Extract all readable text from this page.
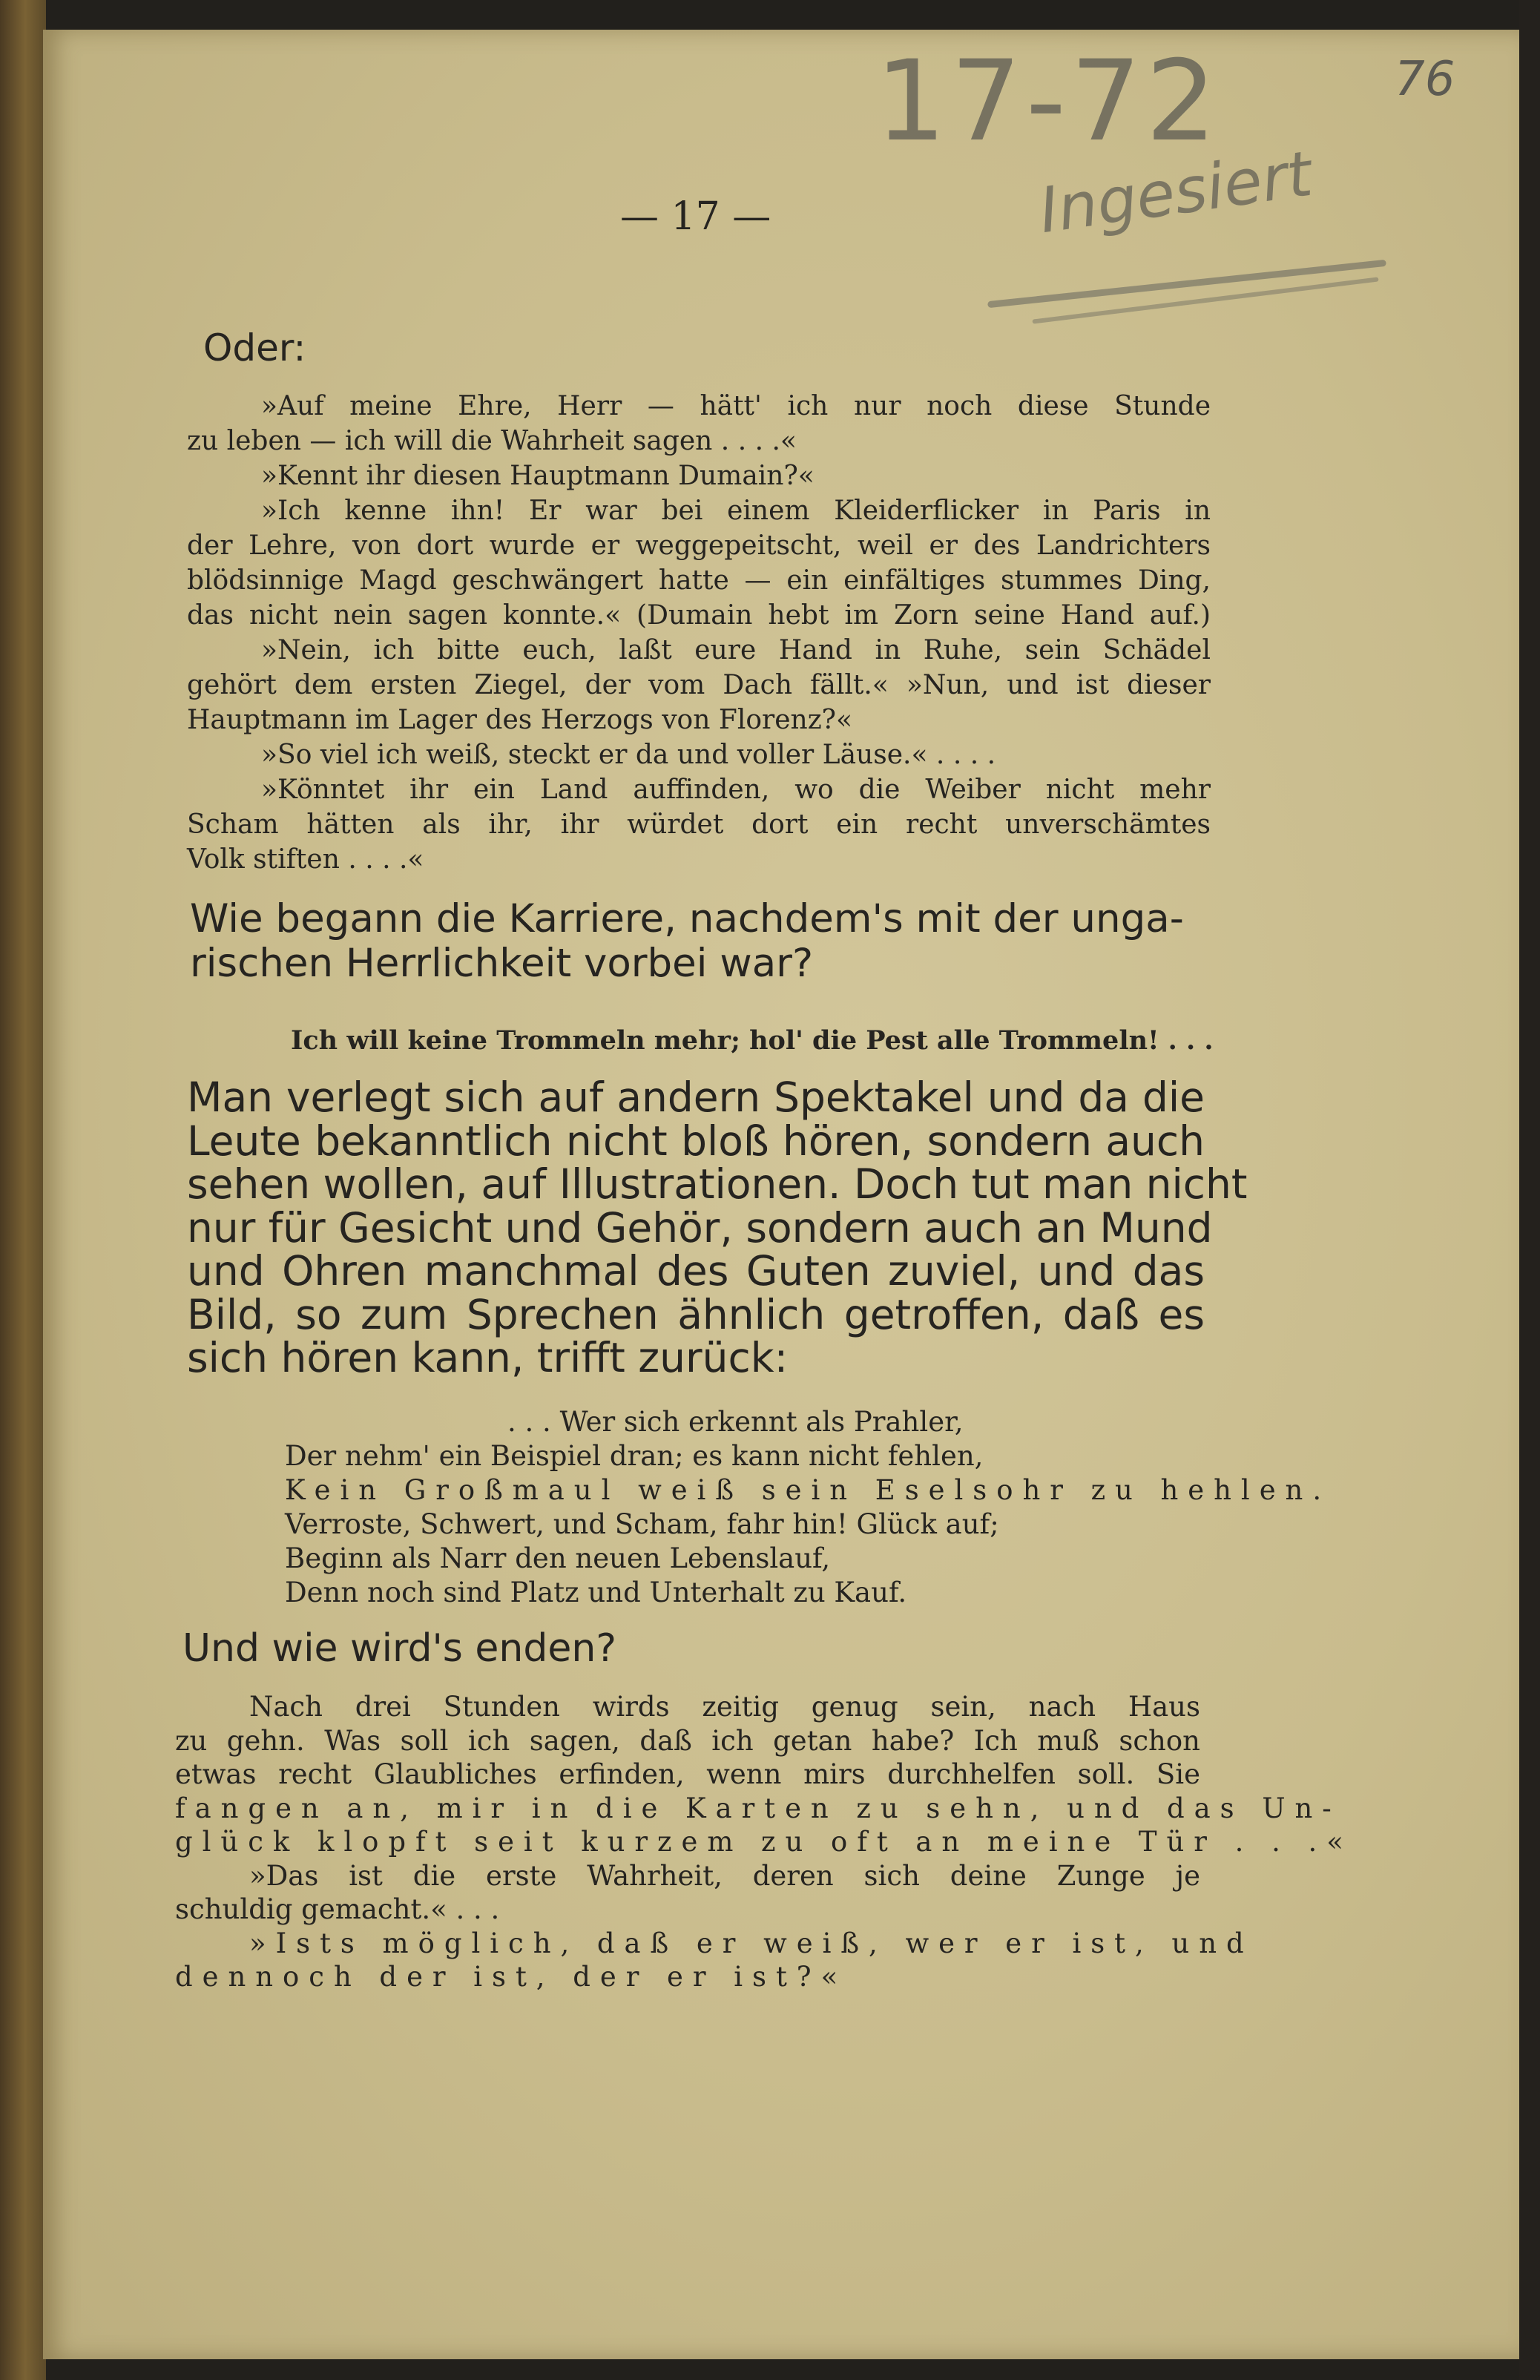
17-72
Ingesiert
76
— 17 —
Oder:
»Auf meine Ehre, Herr — hätt' ich nur noch diese Stunde
zu leben — ich will die Wahrheit sagen . . . .«
»Kennt ihr diesen Hauptmann Dumain?«
»Ich kenne ihn! Er war bei einem Kleiderflicker in Paris in
der Lehre, von dort wurde er weggepeitscht, weil er des Landrichters
blödsinnige Magd geschwängert hatte — ein einfältiges stummes Ding,
das nicht nein sagen konnte.« (Dumain hebt im Zorn seine Hand auf.)
»Nein, ich bitte euch, laßt eure Hand in Ruhe, sein Schädel
gehört dem ersten Ziegel, der vom Dach fällt.« »Nun, und ist dieser
Hauptmann im Lager des Herzogs von Florenz?«
»So viel ich weiß, steckt er da und voller Läuse.« . . . .
»Könntet ihr ein Land auffinden, wo die Weiber nicht mehr
Scham hätten als ihr, ihr würdet dort ein recht unverschämtes
Volk stiften . . . .«
Wie begann die Karriere, nachdem's mit der unga-
rischen Herrlichkeit vorbei war?
Ich will keine Trommeln mehr; hol' die Pest alle Trommeln! . . .
Man verlegt sich auf andern Spektakel und da die
Leute bekanntlich nicht bloß hören, sondern auch
sehen wollen, auf Illustrationen. Doch tut man nicht
nur für Gesicht und Gehör, sondern auch an Mund
und Ohren manchmal des Guten zuviel, und das
Bild, so zum Sprechen ähnlich getroffen, daß es
sich hören kann, trifft zurück:
. . . Wer sich erkennt als Prahler,
Der nehm' ein Beispiel dran; es kann nicht fehlen,
Kein Großmaul weiß sein Eselsohr zu hehlen.
Verroste, Schwert, und Scham, fahr hin! Glück auf;
Beginn als Narr den neuen Lebenslauf,
Denn noch sind Platz und Unterhalt zu Kauf.
Und wie wird's enden?
Nach drei Stunden wirds zeitig genug sein, nach Haus
zu gehn. Was soll ich sagen, daß ich getan habe? Ich muß schon
etwas recht Glaubliches erfinden, wenn mirs durchhelfen soll. Sie
fangen an, mir in die Karten zu sehn, und das Un-
glück klopft seit kurzem zu oft an meine Tür . . .«
»Das ist die erste Wahrheit, deren sich deine Zunge je
schuldig gemacht.« . . .
»Ists möglich, daß er weiß, wer er ist, und
dennoch der ist, der er ist?«
